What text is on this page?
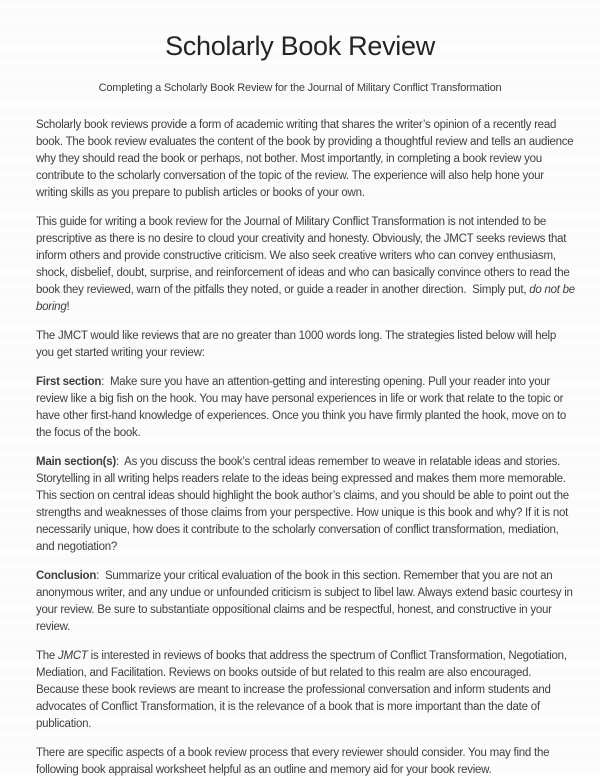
Scholarly Book Review

Completing a Scholarly Book Review for the Journal of Military Conflict Transformation

Scholarly book reviews provide a form of academic writing that shares the writer’s opinion of a recently read book. The book review evaluates the content of the book by providing a thoughtful review and tells an audience why they should read the book or perhaps, not bother. Most importantly, in completing a book review you contribute to the scholarly conversation of the topic of the review. The experience will also help hone your writing skills as you prepare to publish articles or books of your own.

This guide for writing a book review for the Journal of Military Conflict Transformation is not intended to be prescriptive as there is no desire to cloud your creativity and honesty. Obviously, the JMCT seeks reviews that inform others and provide constructive criticism. We also seek creative writers who can convey enthusiasm, shock, disbelief, doubt, surprise, and reinforcement of ideas and who can basically convince others to read the book they reviewed, warn of the pitfalls they noted, or guide a reader in another direction.  Simply put, do not be boring!

The JMCT would like reviews that are no greater than 1000 words long. The strategies listed below will help you get started writing your review:

First section:  Make sure you have an attention-getting and interesting opening. Pull your reader into your review like a big fish on the hook. You may have personal experiences in life or work that relate to the topic or have other first-hand knowledge of experiences. Once you think you have firmly planted the hook, move on to the focus of the book.

Main section(s):  As you discuss the book’s central ideas remember to weave in relatable ideas and stories. Storytelling in all writing helps readers relate to the ideas being expressed and makes them more memorable. This section on central ideas should highlight the book author’s claims, and you should be able to point out the strengths and weaknesses of those claims from your perspective. How unique is this book and why? If it is not necessarily unique, how does it contribute to the scholarly conversation of conflict transformation, mediation, and negotiation?

Conclusion:  Summarize your critical evaluation of the book in this section. Remember that you are not an anonymous writer, and any undue or unfounded criticism is subject to libel law. Always extend basic courtesy in your review. Be sure to substantiate oppositional claims and be respectful, honest, and constructive in your review.

The JMCT is interested in reviews of books that address the spectrum of Conflict Transformation, Negotiation, Mediation, and Facilitation. Reviews on books outside of but related to this realm are also encouraged. Because these book reviews are meant to increase the professional conversation and inform students and advocates of Conflict Transformation, it is the relevance of a book that is more important than the date of publication.

There are specific aspects of a book review process that every reviewer should consider. You may find the following book appraisal worksheet helpful as an outline and memory aid for your book review.
